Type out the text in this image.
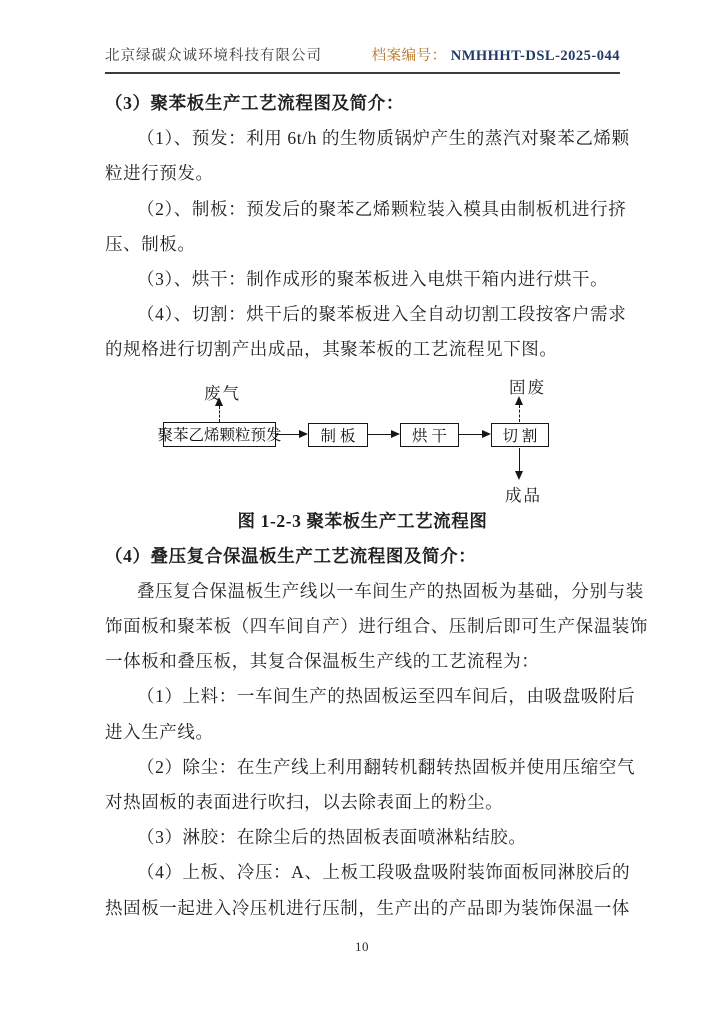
北京绿碳众诚环境科技有限公司	档案编号： NMHHHT-DSL-2025-044
（3）聚苯板生产工艺流程图及简介：
（1）、预发：利用 6t/h 的生物质锅炉产生的蒸汽对聚苯乙烯颗
粒进行预发。
（2）、制板：预发后的聚苯乙烯颗粒装入模具由制板机进行挤
压、制板。
（3）、烘干：制作成形的聚苯板进入电烘干箱内进行烘干。
（4）、切割：烘干后的聚苯板进入全自动切割工段按客户需求
的规格进行切割产出成品，其聚苯板的工艺流程见下图。
废气
聚苯乙烯颗粒预发	制 板	烘 干	切 割
固废
成品
图 1-2-3 聚苯板生产工艺流程图
（4）叠压复合保温板生产工艺流程图及简介：
叠压复合保温板生产线以一车间生产的热固板为基础，分别与装
饰面板和聚苯板（四车间自产）进行组合、压制后即可生产保温装饰
一体板和叠压板，其复合保温板生产线的工艺流程为：
（1）上料：一车间生产的热固板运至四车间后，由吸盘吸附后
进入生产线。
（2）除尘：在生产线上利用翻转机翻转热固板并使用压缩空气
对热固板的表面进行吹扫，以去除表面上的粉尘。
（3）淋胶：在除尘后的热固板表面喷淋粘结胶。
（4）上板、冷压：A、上板工段吸盘吸附装饰面板同淋胶后的
热固板一起进入冷压机进行压制，生产出的产品即为装饰保温一体
10
